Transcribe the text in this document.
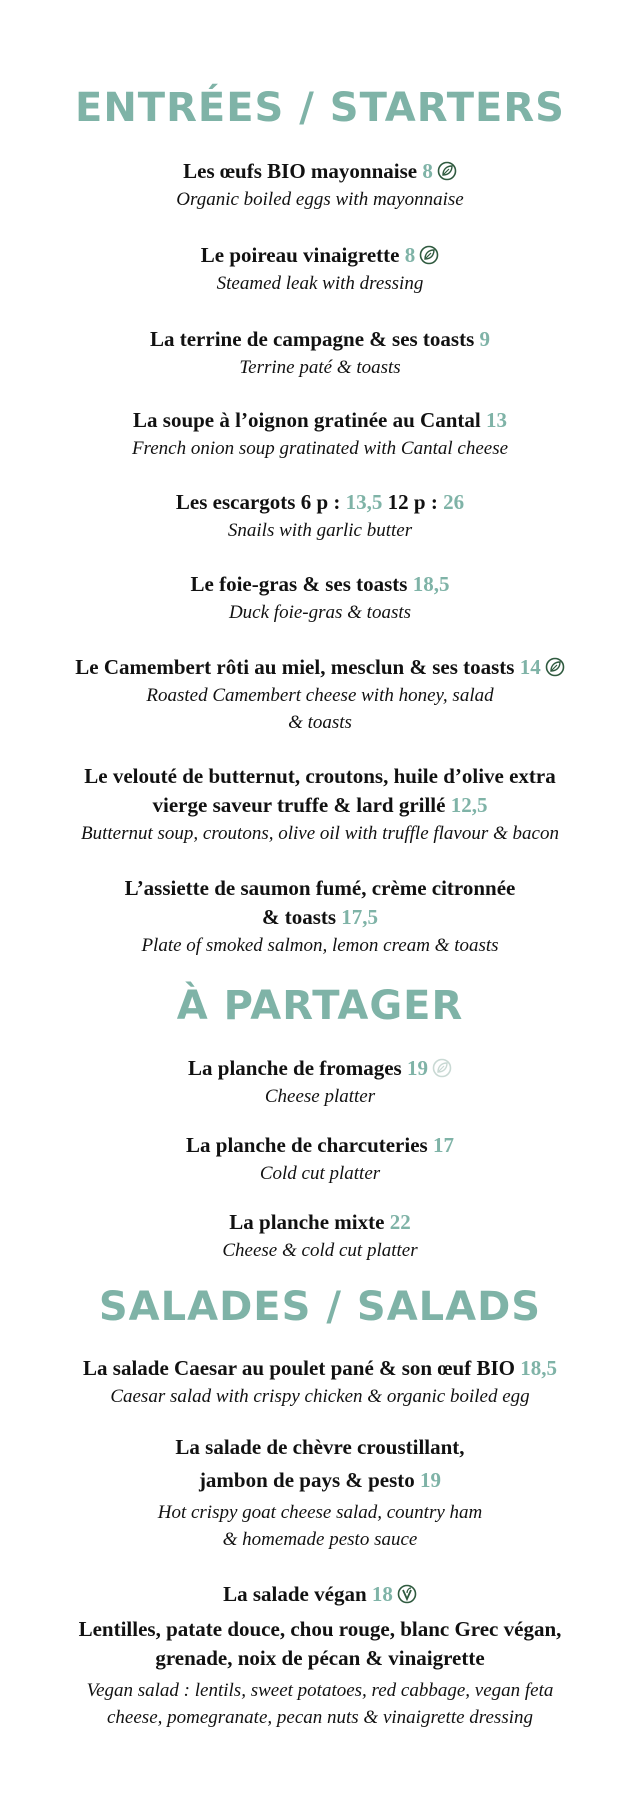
ENTRÉES / STARTERS

Les œufs BIO mayonnaise 8

Organic boiled eggs with mayonnaise

Le poireau vinaigrette 8

Steamed leak with dressing

La terrine de campagne & ses toasts 9

Terrine paté & toasts

La soupe à l’oignon gratinée au Cantal 13

French onion soup gratinated with Cantal cheese

Les escargots 6 p : 13,5 12 p : 26

Snails with garlic butter

Le foie-gras & ses toasts 18,5

Duck foie-gras & toasts

Le Camembert rôti au miel, mesclun & ses toasts 14

Roasted Camembert cheese with honey, salad

& toasts

Le velouté de butternut, croutons, huile d’olive extra

vierge saveur truffe & lard grillé 12,5

Butternut soup, croutons, olive oil with truffle flavour & bacon

L’assiette de saumon fumé, crème citronnée

& toasts 17,5

Plate of smoked salmon, lemon cream & toasts

À PARTAGER

La planche de fromages 19

Cheese platter

La planche de charcuteries 17

Cold cut platter

La planche mixte 22

Cheese & cold cut platter

SALADES / SALADS

La salade Caesar au poulet pané & son œuf BIO 18,5

Caesar salad with crispy chicken & organic boiled egg

La salade de chèvre croustillant,

jambon de pays & pesto 19

Hot crispy goat cheese salad, country ham

& homemade pesto sauce

La salade végan 18

Lentilles, patate douce, chou rouge, blanc Grec végan,

grenade, noix de pécan & vinaigrette

Vegan salad : lentils, sweet potatoes, red cabbage, vegan feta

cheese, pomegranate, pecan nuts & vinaigrette dressing
